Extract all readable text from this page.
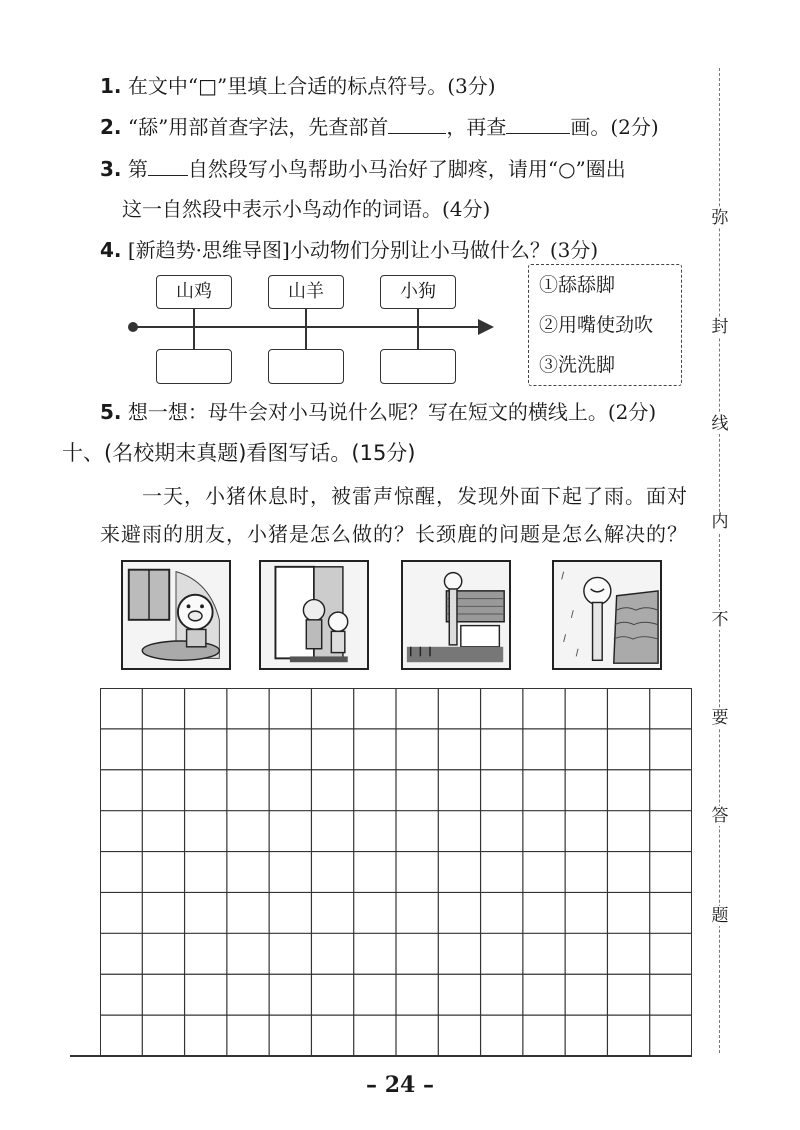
1. 在文中“□”里填上合适的标点符号。(3分)
2. “舔”用部首查字法，先查部首	，再查	画。(2分)
3. 第 自然段写小鸟帮助小马治好了脚疼，请用“○”圈出
这一自然段中表示小鸟动作的词语。(4分)
4. [新趋势·思维导图]小动物们分别让小马做什么？(3分)
山鸡	山羊	小狗	①舔舔脚
②用嘴使劲吹
③洗洗脚
5. 想一想：母牛会对小马说什么呢？写在短文的横线上。(2分)
十、(名校期末真题)看图写话。(15分)
一天，小猪休息时，被雷声惊醒，发现外面下起了雨。面对
来避雨的朋友，小猪是怎么做的？长颈鹿的问题是怎么解决的？
– 24 –
弥
封
线
内
不
要
答
题
